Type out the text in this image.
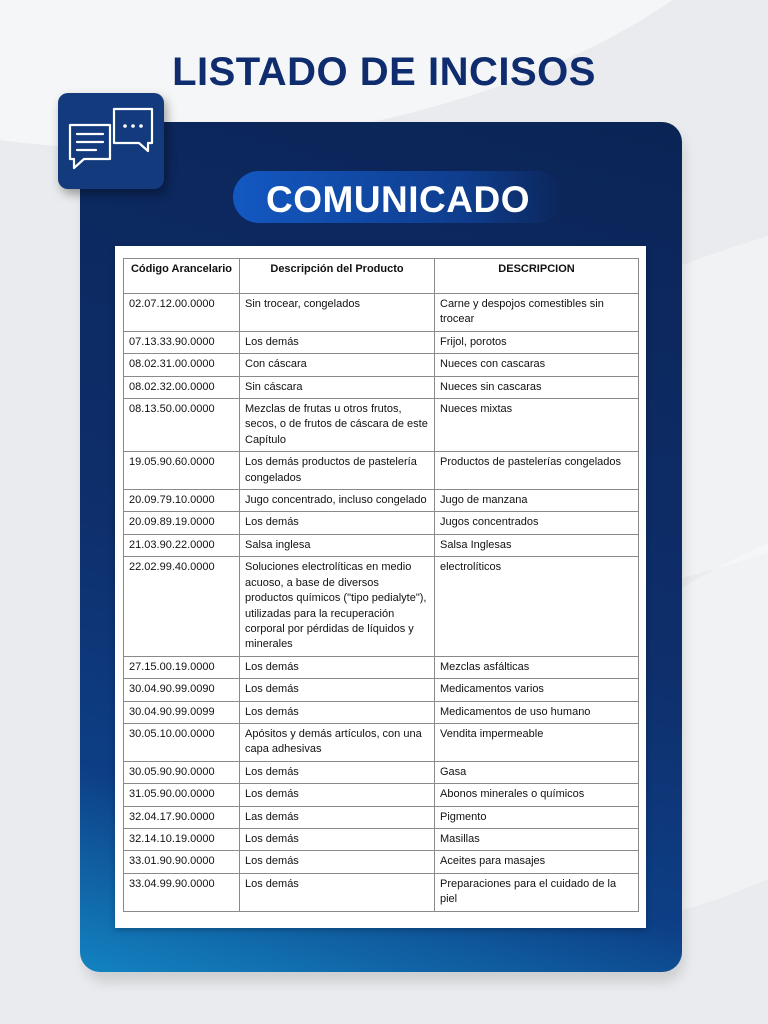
LISTADO DE INCISOS

COMUNICADO

Código Arancelario	Descripción del Producto	DESCRIPCION
02.07.12.00.0000	Sin trocear, congelados	Carne y despojos comestibles sin trocear
07.13.33.90.0000	Los demás	Frijol, porotos
08.02.31.00.0000	Con cáscara	Nueces con cascaras
08.02.32.00.0000	Sin cáscara	Nueces sin cascaras
08.13.50.00.0000	Mezclas de frutas u otros frutos, secos, o de frutos de cáscara de este Capítulo	Nueces mixtas
19.05.90.60.0000	Los demás productos de pastelería congelados	Productos de pastelerías congelados
20.09.79.10.0000	Jugo concentrado, incluso congelado	Jugo de manzana
20.09.89.19.0000	Los demás	Jugos concentrados
21.03.90.22.0000	Salsa inglesa	Salsa Inglesas
22.02.99.40.0000	Soluciones electrolíticas en medio acuoso, a base de diversos productos químicos ("tipo pedialyte"), utilizadas para la recuperación corporal por pérdidas de líquidos y minerales	electrolíticos
27.15.00.19.0000	Los demás	Mezclas asfálticas
30.04.90.99.0090	Los demás	Medicamentos varios
30.04.90.99.0099	Los demás	Medicamentos de uso humano
30.05.10.00.0000	Apósitos y demás artículos, con una capa adhesivas	Vendita impermeable
30.05.90.90.0000	Los demás	Gasa
31.05.90.00.0000	Los demás	Abonos minerales o químicos
32.04.17.90.0000	Las demás	Pigmento
32.14.10.19.0000	Los demás	Masillas
33.01.90.90.0000	Los demás	Aceites para masajes
33.04.99.90.0000	Los demás	Preparaciones para el cuidado de la piel
